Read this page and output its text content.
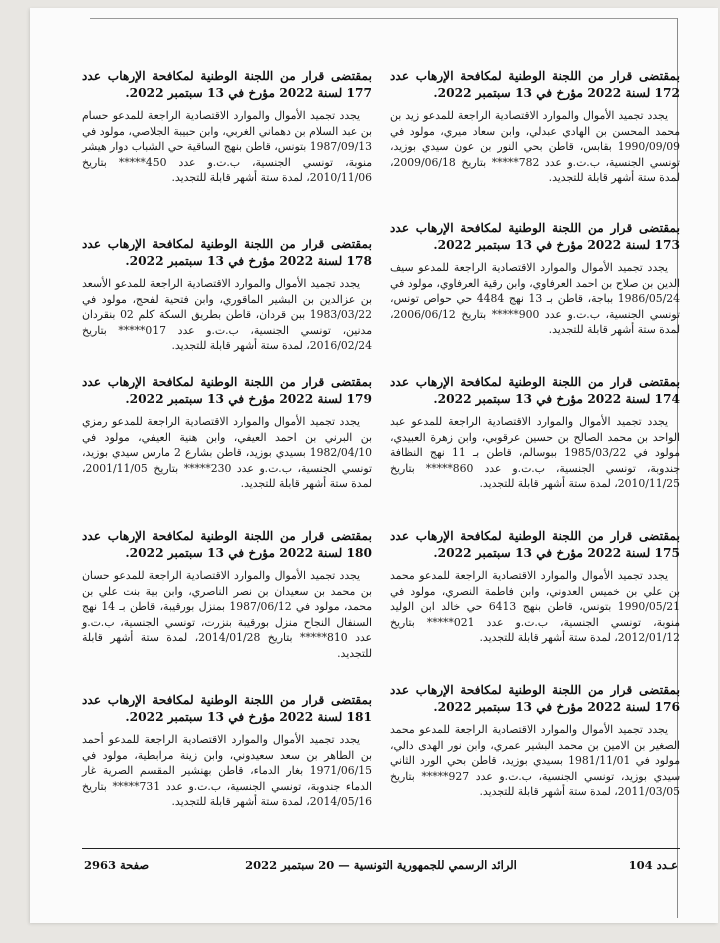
بمقتضى قرار من اللجنة الوطنية لمكافحة الإرهاب عدد 172 لسنة 2022 مؤرخ في 13 سبتمبر 2022.

يجدد تجميد الأموال والموارد الاقتصادية الراجعة للمدعو زيد بن محمد المحسن بن الهادي عبدلي، وابن سعاد ميري، مولود في 1990/09/09 بقابس، قاطن بحي النور بن عون سيدي بوزيد، تونسي الجنسية، ب.ت.و عدد 782***** بتاريخ 2009/06/18، لمدة ستة أشهر قابلة للتجديد.

بمقتضى قرار من اللجنة الوطنية لمكافحة الإرهاب عدد 173 لسنة 2022 مؤرخ في 13 سبتمبر 2022.

يجدد تجميد الأموال والموارد الاقتصادية الراجعة للمدعو سيف الدين بن صلاح بن احمد العرفاوي، وابن رقية العرفاوي، مولود في 1986/05/24 بباجة، قاطن بـ 13 نهج 4484 حي حواص تونس، تونسي الجنسية، ب.ت.و عدد 900***** بتاريخ 2006/06/12، لمدة ستة أشهر قابلة للتجديد.

بمقتضى قرار من اللجنة الوطنية لمكافحة الإرهاب عدد 174 لسنة 2022 مؤرخ في 13 سبتمبر 2022.

يجدد تجميد الأموال والموارد الاقتصادية الراجعة للمدعو عبد الواحد بن محمد الصالح بن حسين عرقوبي، وابن زهرة العبيدي، مولود في 1985/03/22 ببوسالم، قاطن بـ 11 نهج النظافة جندوبة، تونسي الجنسية، ب.ت.و عدد 860***** بتاريخ 2010/11/25، لمدة ستة أشهر قابلة للتجديد.

بمقتضى قرار من اللجنة الوطنية لمكافحة الإرهاب عدد 175 لسنة 2022 مؤرخ في 13 سبتمبر 2022.

يجدد تجميد الأموال والموارد الاقتصادية الراجعة للمدعو محمد بن علي بن خميس العدوني، وابن فاطمة النصري، مولود في 1990/05/21 بتونس، قاطن بنهج 6413 حي خالد ابن الوليد منوبة، تونسي الجنسية، ب.ت.و عدد 021***** بتاريخ 2012/01/12، لمدة ستة أشهر قابلة للتجديد.

بمقتضى قرار من اللجنة الوطنية لمكافحة الإرهاب عدد 176 لسنة 2022 مؤرخ في 13 سبتمبر 2022.

يجدد تجميد الأموال والموارد الاقتصادية الراجعة للمدعو محمد الصغير بن الامين بن محمد البشير عمري، وابن نور الهدى دالي، مولود في 1981/11/01 بسيدي بوزيد، قاطن بحي الورد الثاني سيدي بوزيد، تونسي الجنسية، ب.ت.و عدد 927***** بتاريخ 2011/03/05، لمدة ستة أشهر قابلة للتجديد.

بمقتضى قرار من اللجنة الوطنية لمكافحة الإرهاب عدد 177 لسنة 2022 مؤرخ في 13 سبتمبر 2022.

يجدد تجميد الأموال والموارد الاقتصادية الراجعة للمدعو حسام بن عبد السلام بن دهماني الغربي، وابن حبيبة الجلاصي، مولود في 1987/09/13 بتونس، قاطن بنهج الساقية حي الشباب دوار هيشر منوبة، تونسي الجنسية، ب.ت.و عدد 450***** بتاريخ 2010/11/06، لمدة ستة أشهر قابلة للتجديد.

بمقتضى قرار من اللجنة الوطنية لمكافحة الإرهاب عدد 178 لسنة 2022 مؤرخ في 13 سبتمبر 2022.

يجدد تجميد الأموال والموارد الاقتصادية الراجعة للمدعو الأسعد بن عزالدين بن البشير الماقوري، وابن فتحية لفحج، مولود في 1983/03/22 ببن قردان، قاطن بطريق السكة كلم 02 بنقردان مدنين، تونسي الجنسية، ب.ت.و عدد 017***** بتاريخ 2016/02/24، لمدة ستة أشهر قابلة للتجديد.

بمقتضى قرار من اللجنة الوطنية لمكافحة الإرهاب عدد 179 لسنة 2022 مؤرخ في 13 سبتمبر 2022.

يجدد تجميد الأموال والموارد الاقتصادية الراجعة للمدعو رمزي بن البرني بن احمد العيفي، وابن هنية العيفي، مولود في 1982/04/10 بسيدي بوزيد، قاطن بشارع 2 مارس سيدي بوزيد، تونسي الجنسية، ب.ت.و عدد 230***** بتاريخ 2001/11/05، لمدة ستة أشهر قابلة للتجديد.

بمقتضى قرار من اللجنة الوطنية لمكافحة الإرهاب عدد 180 لسنة 2022 مؤرخ في 13 سبتمبر 2022.

يجدد تجميد الأموال والموارد الاقتصادية الراجعة للمدعو حسان بن محمد بن سعيدان بن نصر الناصري، وابن بية بنت علي بن محمد، مولود في 1987/06/12 بمنزل بورقيبة، قاطن بـ 14 نهج السنفال النجاح منزل بورقيبة بنزرت، تونسي الجنسية، ب.ت.و عدد 810***** بتاريخ 2014/01/28، لمدة ستة أشهر قابلة للتجديد.

بمقتضى قرار من اللجنة الوطنية لمكافحة الإرهاب عدد 181 لسنة 2022 مؤرخ في 13 سبتمبر 2022.

يجدد تجميد الأموال والموارد الاقتصادية الراجعة للمدعو أحمد بن الطاهر بن سعد سعيدوني، وابن زينة مرابطية، مولود في 1971/06/15 بغار الدماء، قاطن بهنشير المقسم الصرية غار الدماء جندوبة، تونسي الجنسية، ب.ت.و عدد 731***** بتاريخ 2014/05/16، لمدة ستة أشهر قابلة للتجديد.

عـدد 104
الرائد الرسمي للجمهورية التونسية — 20 سبتمبر 2022
صفحة 2963
